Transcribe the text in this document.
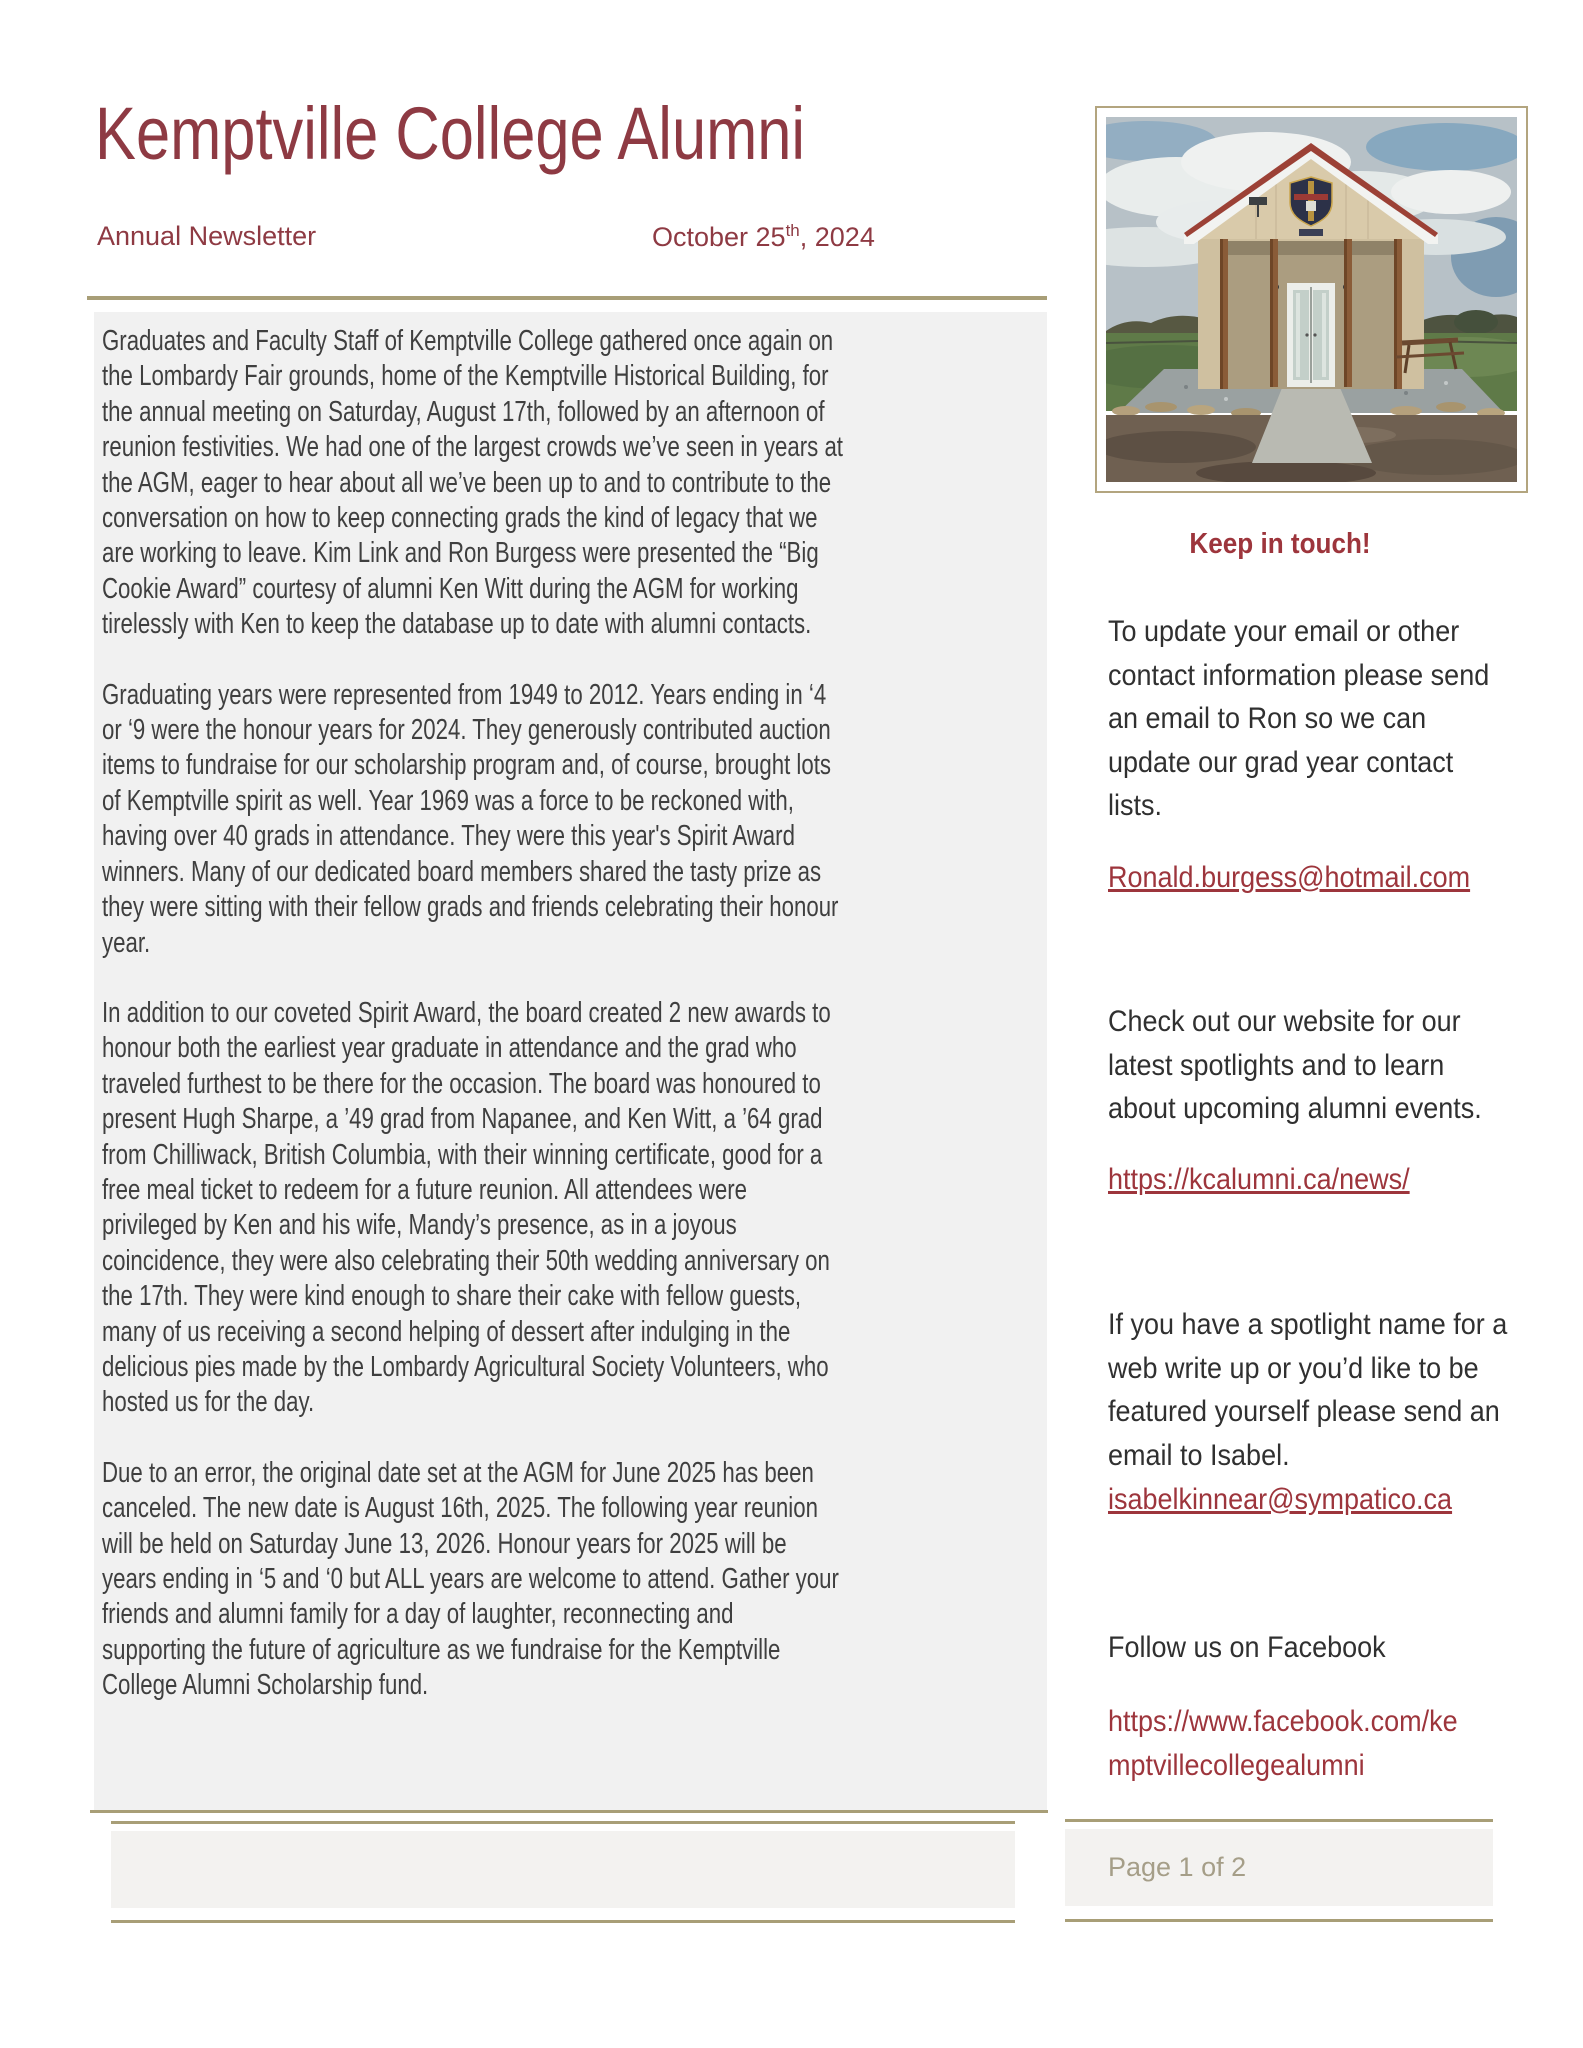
Kemptville College Alumni
Annual Newsletter	October 25th, 2024

Graduates and Faculty Staff of Kemptville College gathered once again on the Lombardy Fair grounds, home of the Kemptville Historical Building, for the annual meeting on Saturday, August 17th, followed by an afternoon of reunion festivities. We had one of the largest crowds we’ve seen in years at the AGM, eager to hear about all we’ve been up to and to contribute to the conversation on how to keep connecting grads the kind of legacy that we are working to leave. Kim Link and Ron Burgess were presented the “Big Cookie Award” courtesy of alumni Ken Witt during the AGM for working tirelessly with Ken to keep the database up to date with alumni contacts.

Graduating years were represented from 1949 to 2012. Years ending in ‘4 or ‘9 were the honour years for 2024. They generously contributed auction items to fundraise for our scholarship program and, of course, brought lots of Kemptville spirit as well. Year 1969 was a force to be reckoned with, having over 40 grads in attendance. They were this year's Spirit Award winners. Many of our dedicated board members shared the tasty prize as they were sitting with their fellow grads and friends celebrating their honour year.

In addition to our coveted Spirit Award, the board created 2 new awards to honour both the earliest year graduate in attendance and the grad who traveled furthest to be there for the occasion. The board was honoured to present Hugh Sharpe, a ’49 grad from Napanee, and Ken Witt, a ’64 grad from Chilliwack, British Columbia, with their winning certificate, good for a free meal ticket to redeem for a future reunion. All attendees were privileged by Ken and his wife, Mandy’s presence, as in a joyous coincidence, they were also celebrating their 50th wedding anniversary on the 17th. They were kind enough to share their cake with fellow guests, many of us receiving a second helping of dessert after indulging in the delicious pies made by the Lombardy Agricultural Society Volunteers, who hosted us for the day.

Due to an error, the original date set at the AGM for June 2025 has been canceled. The new date is August 16th, 2025. The following year reunion will be held on Saturday June 13, 2026. Honour years for 2025 will be years ending in ‘5 and ‘0 but ALL years are welcome to attend. Gather your friends and alumni family for a day of laughter, reconnecting and supporting the future of agriculture as we fundraise for the Kemptville College Alumni Scholarship fund.

Keep in touch!
To update your email or other contact information please send an email to Ron so we can update our grad year contact lists.
Ronald.burgess@hotmail.com
Check out our website for our latest spotlights and to learn about upcoming alumni events.
https://kcalumni.ca/news/
If you have a spotlight name for a web write up or you’d like to be featured yourself please send an email to Isabel.
isabelkinnear@sympatico.ca
Follow us on Facebook
https://www.facebook.com/kemptvillecollegealumni
Page 1 of 2
